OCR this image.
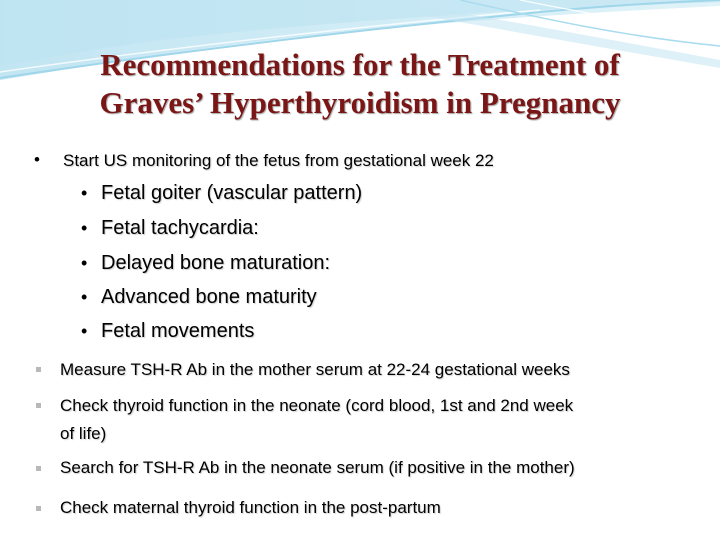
Recommendations for the Treatment of
Graves’ Hyperthyroidism in Pregnancy
• Start US monitoring of the fetus from gestational week 22
• Fetal goiter (vascular pattern)
• Fetal tachycardia:
• Delayed bone maturation:
• Advanced bone maturity
• Fetal movements
Measure TSH-R Ab in the mother serum at 22-24 gestational weeks
Check thyroid function in the neonate (cord blood, 1st and 2nd week
of life)
Search for TSH-R Ab in the neonate serum (if positive in the mother)
Check maternal thyroid function in the post-partum
